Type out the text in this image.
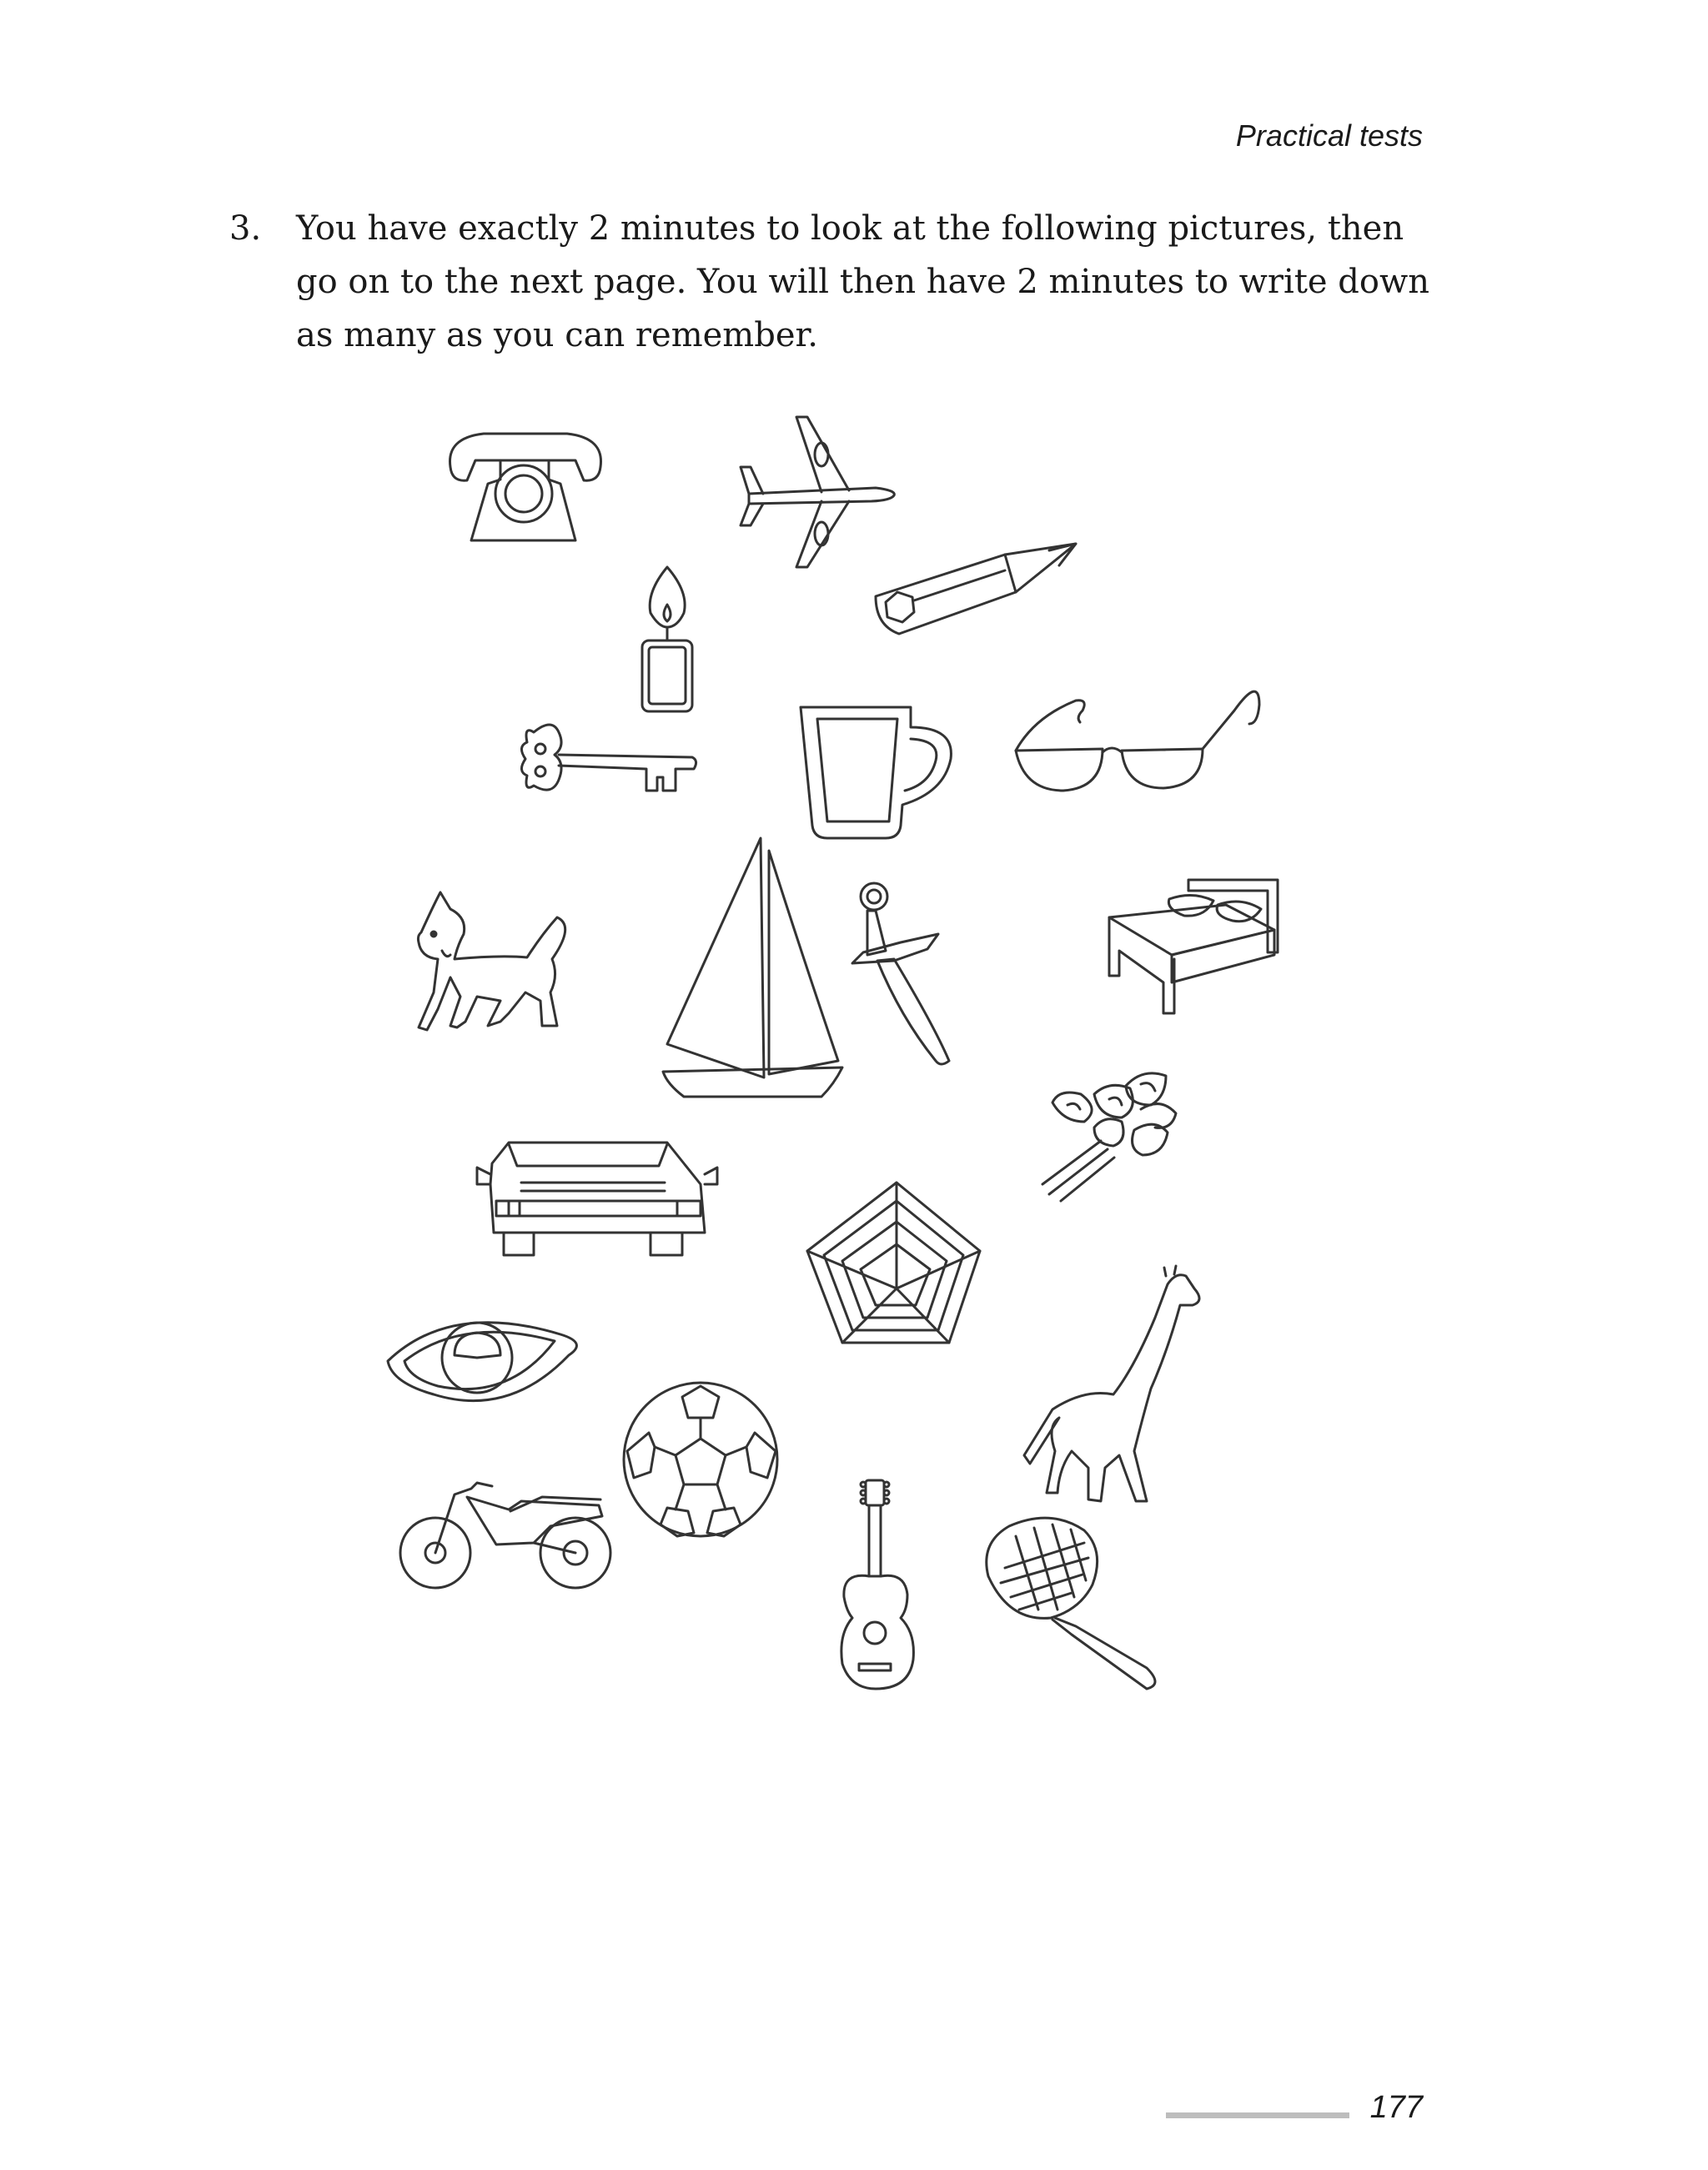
Practical tests
3. You have exactly 2 minutes to look at the following pictures, then go on to the next page. You will then have 2 minutes to write down as many as you can remember.
177
